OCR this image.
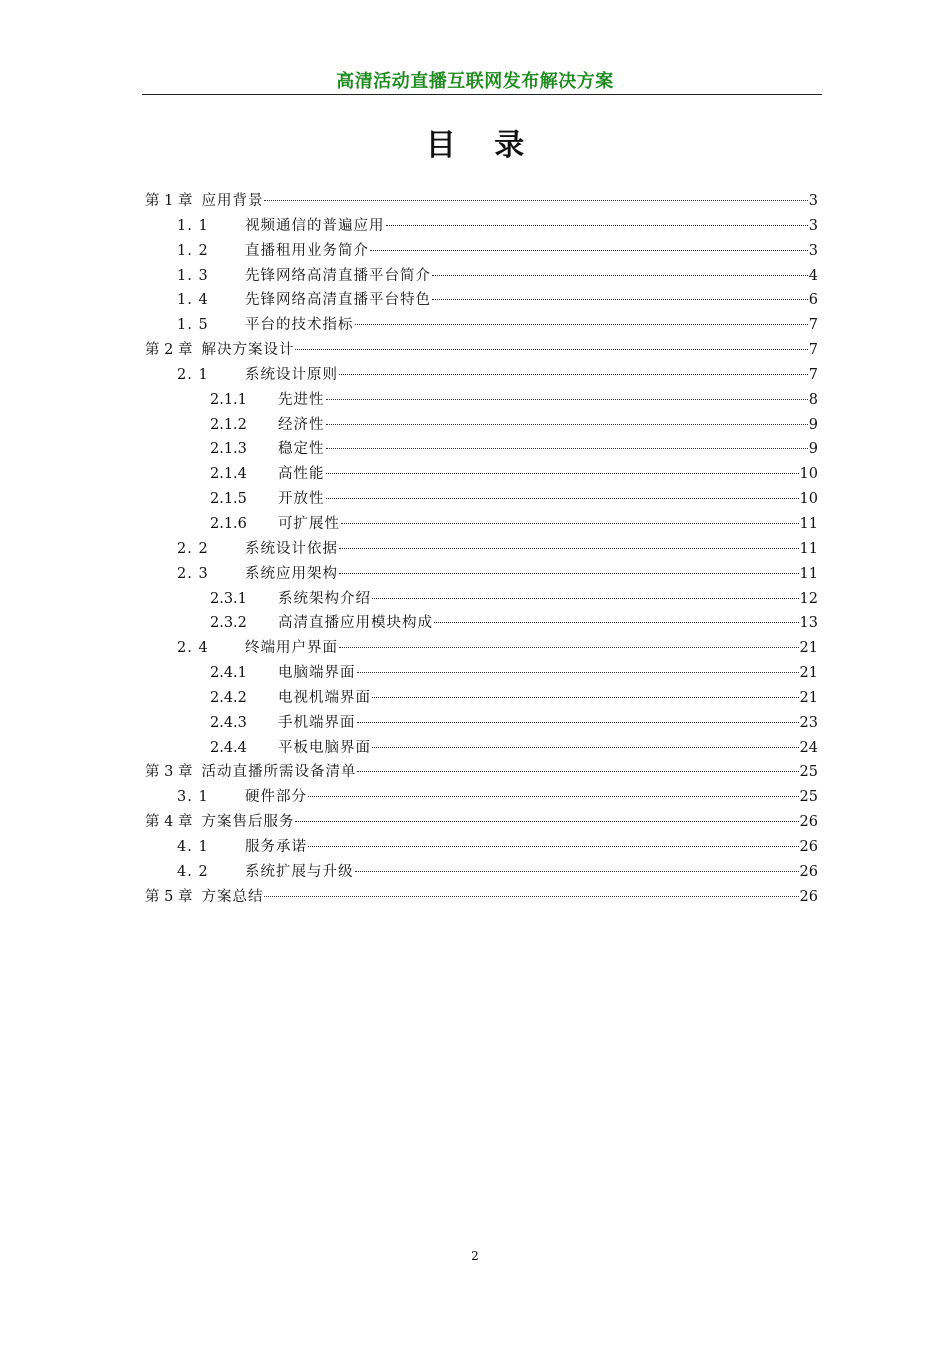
高清活动直播互联网发布解决方案
目 录
第 1 章 应用背景	3
1. 1	视频通信的普遍应用	3
1. 2	直播租用业务简介	3
1. 3	先锋网络高清直播平台简介	4
1. 4	先锋网络高清直播平台特色	6
1. 5	平台的技术指标	7
第 2 章 解决方案设计	7
2. 1	系统设计原则	7
2.1.1	先进性	8
2.1.2	经济性	9
2.1.3	稳定性	9
2.1.4	高性能	10
2.1.5	开放性	10
2.1.6	可扩展性	11
2. 2	系统设计依据	11
2. 3	系统应用架构	11
2.3.1	系统架构介绍	12
2.3.2	高清直播应用模块构成	13
2. 4	终端用户界面	21
2.4.1	电脑端界面	21
2.4.2	电视机端界面	21
2.4.3	手机端界面	23
2.4.4	平板电脑界面	24
第 3 章 活动直播所需设备清单	25
3. 1	硬件部分	25
第 4 章 方案售后服务	26
4. 1	服务承诺	26
4. 2	系统扩展与升级	26
第 5 章 方案总结	26
2
